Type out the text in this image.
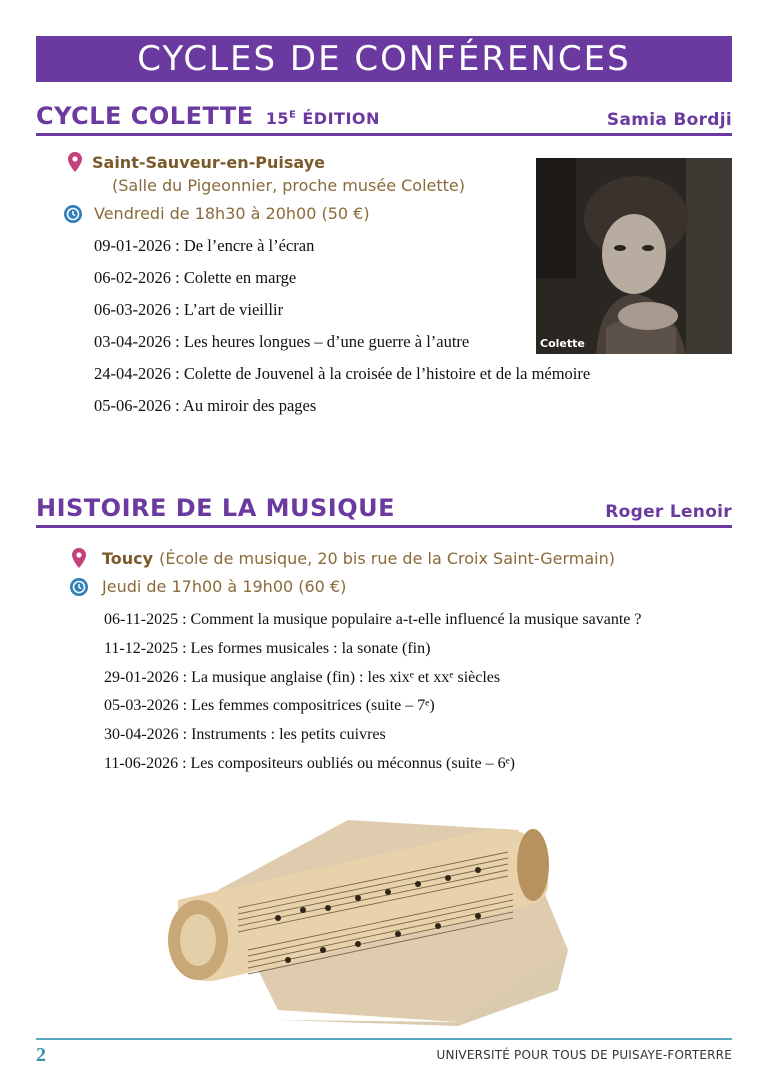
CYCLES DE CONFÉRENCES
CYCLE COLETTE $15^E$ ÉDITION	Samia Bordji
Saint-Sauveur-en-Puisaye
(Salle du Pigeonnier, proche musée Colette)
Vendredi de 18h30 à 20h00 (50 €)
09-01-2026 : De l’encre à l’écran
06-02-2026 : Colette en marge
06-03-2026 : L’art de vieillir
03-04-2026 : Les heures longues – d’une guerre à l’autre
24-04-2026 : Colette de Jouvenel à la croisée de l’histoire et de la mémoire
05-06-2026 : Au miroir des pages
Colette
HISTOIRE DE LA MUSIQUE	Roger Lenoir
Toucy (École de musique, 20 bis rue de la Croix Saint-Germain)
Jeudi de 17h00 à 19h00 (60 €)
06-11-2025 : Comment la musique populaire a-t-elle influencé la musique savante ?
11-12-2025 : Les formes musicales : la sonate (fin)
29-01-2026 : La musique anglaise (fin) : les xixᵉ et xxᵉ siècles
05-03-2026 : Les femmes compositrices (suite – 7ᵉ)
30-04-2026 : Instruments : les petits cuivres
11-06-2026 : Les compositeurs oubliés ou méconnus (suite – 6ᵉ)
2	UNIVERSITÉ POUR TOUS DE PUISAYE-FORTERRE
